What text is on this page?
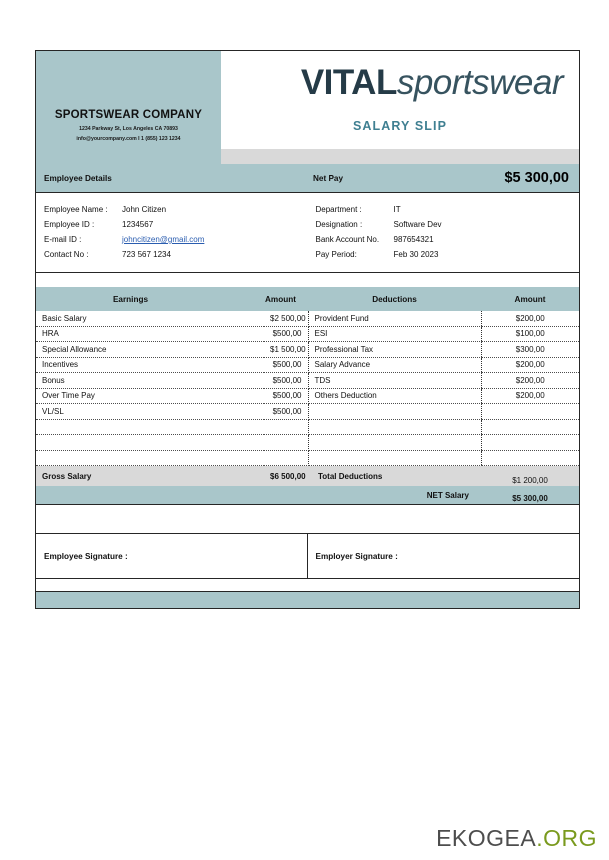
SPORTSWEAR COMPANY
1234 Parkway St, Los Angeles CA 70893
info@yourcompany.com I 1 (855) 123 1234
VITALsportswear
SALARY SLIP
Employee Details	Net Pay	$5 300,00
Employee Name :	John Citizen
Employee ID :	1234567
E-mail ID :	johncitizen@gmail.com
Contact No :	723 567 1234
Department :	IT
Designation :	Software Dev
Bank Account No.	987654321
Pay Period:	Feb 30 2023
Earnings	Amount	Deductions	Amount
Basic Salary	$2 500,00	Provident Fund	$200,00
HRA	$500,00	ESI	$100,00
Special Allowance	$1 500,00	Professional Tax	$300,00
Incentives	$500,00	Salary Advance	$200,00
Bonus	$500,00	TDS	$200,00
Over Time Pay	$500,00	Others Deduction	$200,00
VL/SL	$500,00		

Gross Salary	$6 500,00	Total Deductions	$1 200,00
NET Salary			$5 300,00
Employee Signature :	Employer Signature :
EKOGEA.ORG
